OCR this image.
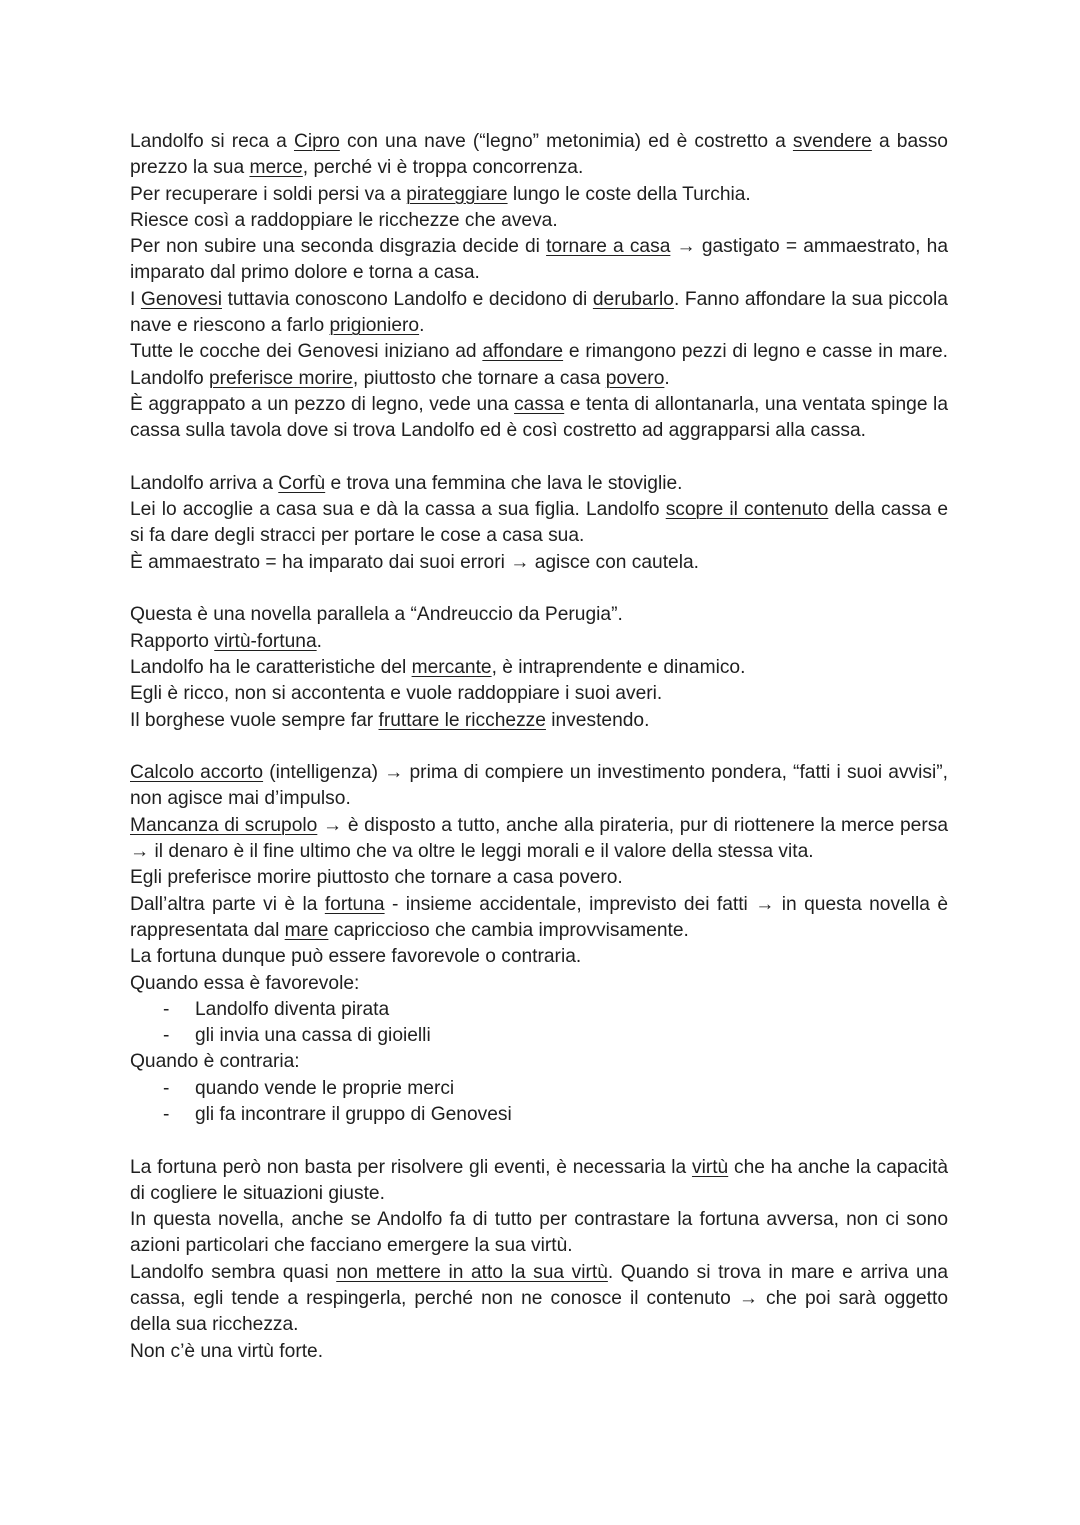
Landolfo si reca a Cipro con una nave (“legno” metonimia) ed è costretto a svendere a basso prezzo la sua merce, perché vi è troppa concorrenza.

Per recuperare i soldi persi va a pirateggiare lungo le coste della Turchia.

Riesce così a raddoppiare le ricchezze che aveva.

Per non subire una seconda disgrazia decide di tornare a casa → gastigato = ammaestrato, ha imparato dal primo dolore e torna a casa.

I Genovesi tuttavia conoscono Landolfo e decidono di derubarlo. Fanno affondare la sua piccola nave e riescono a farlo prigioniero.

Tutte le cocche dei Genovesi iniziano ad affondare e rimangono pezzi di legno e casse in mare. Landolfo preferisce morire, piuttosto che tornare a casa povero.

È aggrappato a un pezzo di legno, vede una cassa e tenta di allontanarla, una ventata spinge la cassa sulla tavola dove si trova Landolfo ed è così costretto ad aggrapparsi alla cassa.

Landolfo arriva a Corfù e trova una femmina che lava le stoviglie.

Lei lo accoglie a casa sua e dà la cassa a sua figlia. Landolfo scopre il contenuto della cassa e si fa dare degli stracci per portare le cose a casa sua.

È ammaestrato = ha imparato dai suoi errori → agisce con cautela.

Questa è una novella parallela a “Andreuccio da Perugia”.

Rapporto virtù-fortuna.

Landolfo ha le caratteristiche del mercante, è intraprendente e dinamico.

Egli è ricco, non si accontenta e vuole raddoppiare i suoi averi.

Il borghese vuole sempre far fruttare le ricchezze investendo.

Calcolo accorto (intelligenza) → prima di compiere un investimento pondera, “fatti i suoi avvisi”, non agisce mai d’impulso.

Mancanza di scrupolo → è disposto a tutto, anche alla pirateria, pur di riottenere la merce persa → il denaro è il fine ultimo che va oltre le leggi morali e il valore della stessa vita.

Egli preferisce morire piuttosto che tornare a casa povero.

Dall’altra parte vi è la fortuna - insieme accidentale, imprevisto dei fatti → in questa novella è rappresentata dal mare capriccioso che cambia improvvisamente.

La fortuna dunque può essere favorevole o contraria.

Quando essa è favorevole:

- Landolfo diventa pirata
- gli invia una cassa di gioielli

Quando è contraria:

- quando vende le proprie merci
- gli fa incontrare il gruppo di Genovesi

La fortuna però non basta per risolvere gli eventi, è necessaria la virtù che ha anche la capacità di cogliere le situazioni giuste.

In questa novella, anche se Andolfo fa di tutto per contrastare la fortuna avversa, non ci sono azioni particolari che facciano emergere la sua virtù.

Landolfo sembra quasi non mettere in atto la sua virtù. Quando si trova in mare e arriva una cassa, egli tende a respingerla, perché non ne conosce il contenuto → che poi sarà oggetto della sua ricchezza.

Non c’è una virtù forte.
